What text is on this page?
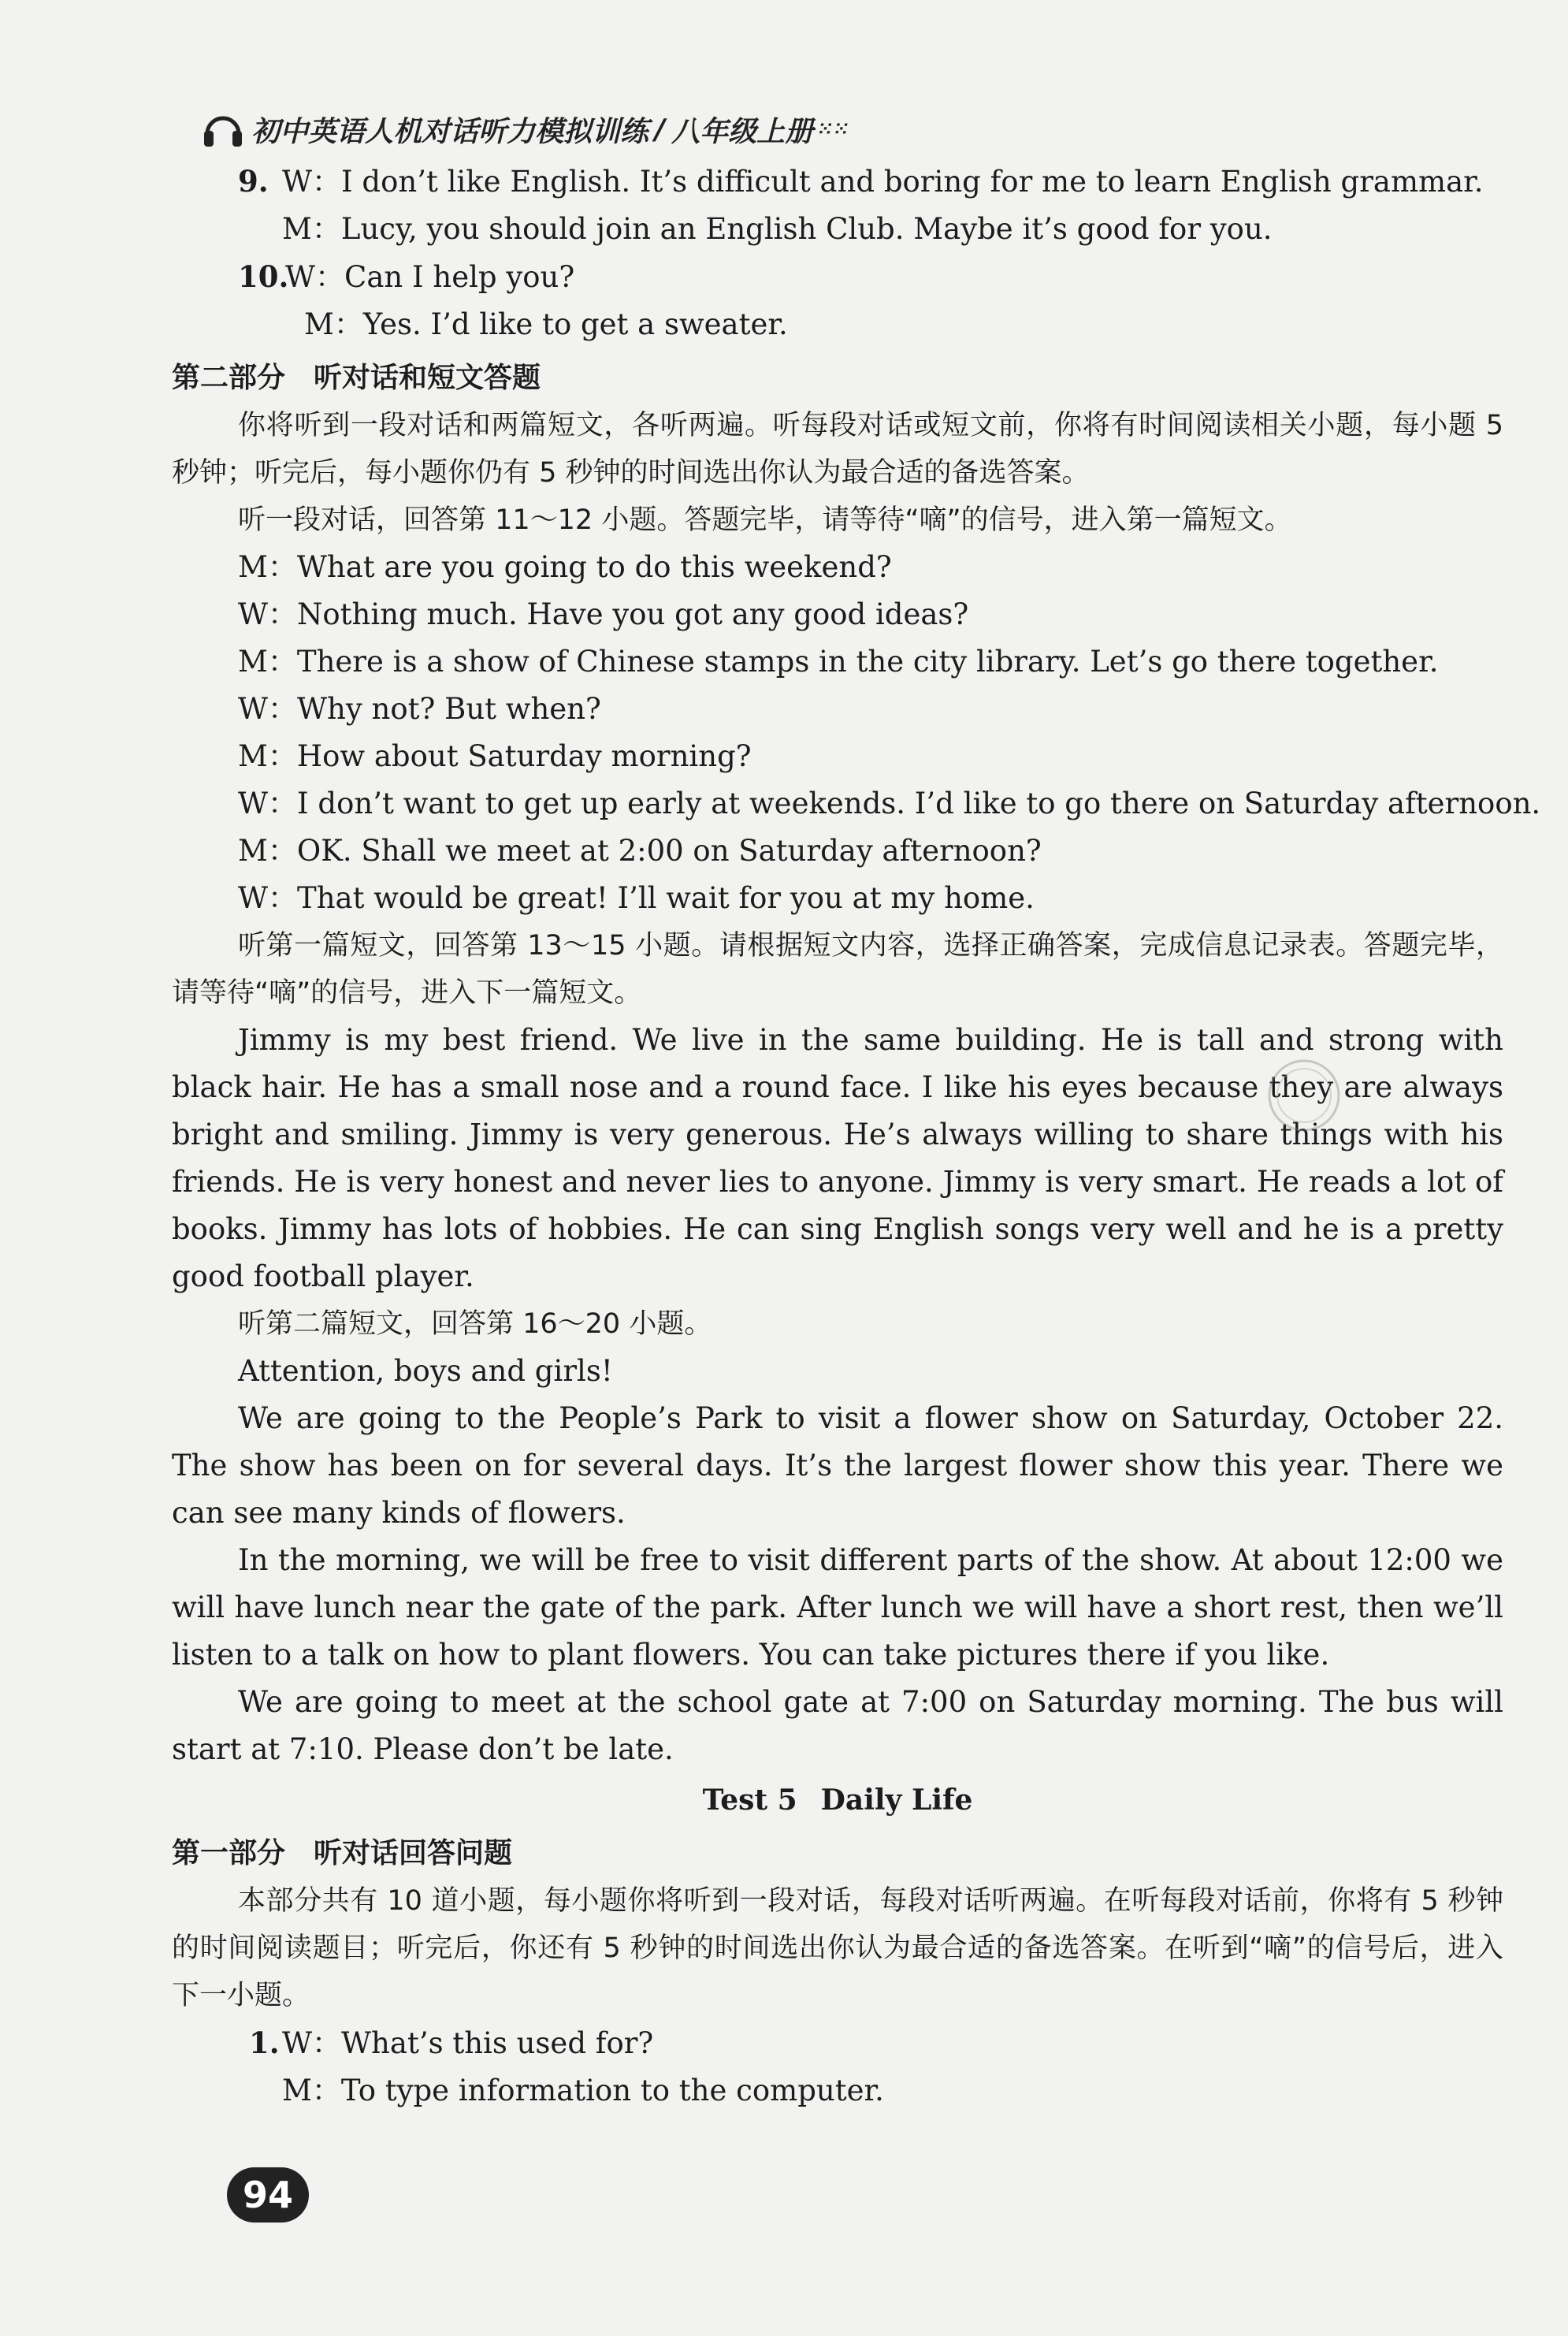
初中英语人机对话听力模拟训练 / 八年级上册 ⁙⁙
9. W：I don’t like English. It’s difficult and boring for me to learn English grammar.
M：Lucy, you should join an English Club. Maybe it’s good for you.
10.W：Can I help you?
M：Yes. I’d like to get a sweater.
第二部分　听对话和短文答题
你将听到一段对话和两篇短文，各听两遍。听每段对话或短文前，你将有时间阅读相关小题，每小题 5 秒钟；听完后，每小题你仍有 5 秒钟的时间选出你认为最合适的备选答案。
听一段对话，回答第 11～12 小题。答题完毕，请等待“嘀”的信号，进入第一篇短文。
M：What are you going to do this weekend?
W：Nothing much. Have you got any good ideas?
M：There is a show of Chinese stamps in the city library. Let’s go there together.
W：Why not? But when?
M：How about Saturday morning?
W：I don’t want to get up early at weekends. I’d like to go there on Saturday afternoon.
M：OK. Shall we meet at 2:00 on Saturday afternoon?
W：That would be great! I’ll wait for you at my home.
听第一篇短文，回答第 13～15 小题。请根据短文内容，选择正确答案，完成信息记录表。答题完毕，请等待“嘀”的信号，进入下一篇短文。
Jimmy is my best friend. We live in the same building. He is tall and strong with black hair. He has a small nose and a round face. I like his eyes because they are always bright and smiling. Jimmy is very generous. He’s always willing to share things with his friends. He is very honest and never lies to anyone. Jimmy is very smart. He reads a lot of books. Jimmy has lots of hobbies. He can sing English songs very well and he is a pretty good football player.
听第二篇短文，回答第 16～20 小题。
Attention, boys and girls!
We are going to the People’s Park to visit a flower show on Saturday, October 22. The show has been on for several days. It’s the largest flower show this year. There we can see many kinds of flowers.
In the morning, we will be free to visit different parts of the show. At about 12:00 we will have lunch near the gate of the park. After lunch we will have a short rest, then we’ll listen to a talk on how to plant flowers. You can take pictures there if you like.
We are going to meet at the school gate at 7:00 on Saturday morning. The bus will start at 7:10. Please don’t be late.
Test 5 Daily Life
第一部分　听对话回答问题
本部分共有 10 道小题，每小题你将听到一段对话，每段对话听两遍。在听每段对话前，你将有 5 秒钟的时间阅读题目；听完后，你还有 5 秒钟的时间选出你认为最合适的备选答案。在听到“嘀”的信号后，进入下一小题。
1.W：What’s this used for?
M：To type information to the computer.
94
